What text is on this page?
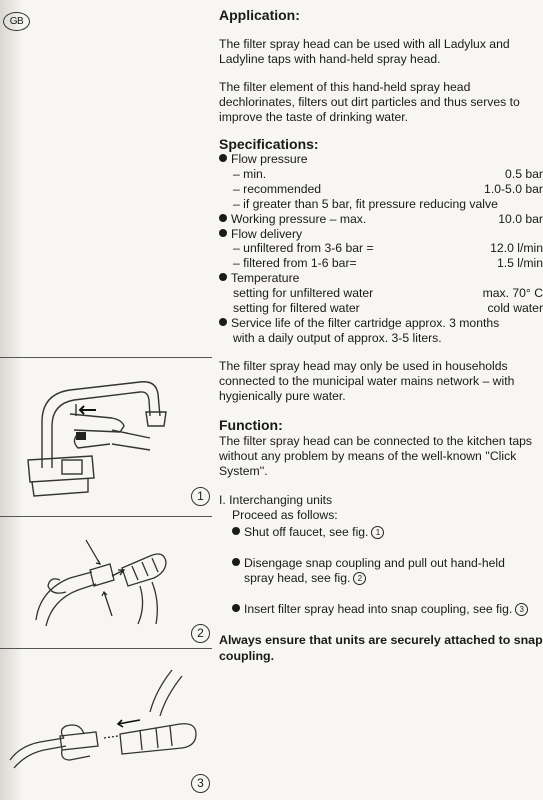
GB
1
2
3
Application:

The filter spray head can be used with all Ladylux and Ladyline taps with hand-held spray head.

The filter element of this hand-held spray head dechlorinates, filters out dirt particles and thus serves to improve the taste of drinking water.

Specifications:
Flow pressure
– min.	0.5 bar
– recommended	1.0-5.0 bar
– if greater than 5 bar, fit pressure reducing valve
Working pressure – max.	10.0 bar
Flow delivery
– unfiltered from 3-6 bar =	12.0 l/min
– filtered from 1-6 bar=	1.5 l/min
Temperature
setting for unfiltered water	max. 70° C
setting for filtered water	cold water
Service life of the filter cartridge approx. 3 months
with a daily output of approx. 3-5 liters.

The filter spray head may only be used in households connected to the municipal water mains network – with hygienically pure water.

Function:

The filter spray head can be connected to the kitchen taps without any problem by means of the well-known ''Click System''.

I. Interchanging units
Proceed as follows:
Shut off faucet, see fig. 1
Disengage snap coupling and pull out hand-held
spray head, see fig. 2
Insert filter spray head into snap coupling, see fig. 3
Always ensure that units are securely attached to snap coupling.
